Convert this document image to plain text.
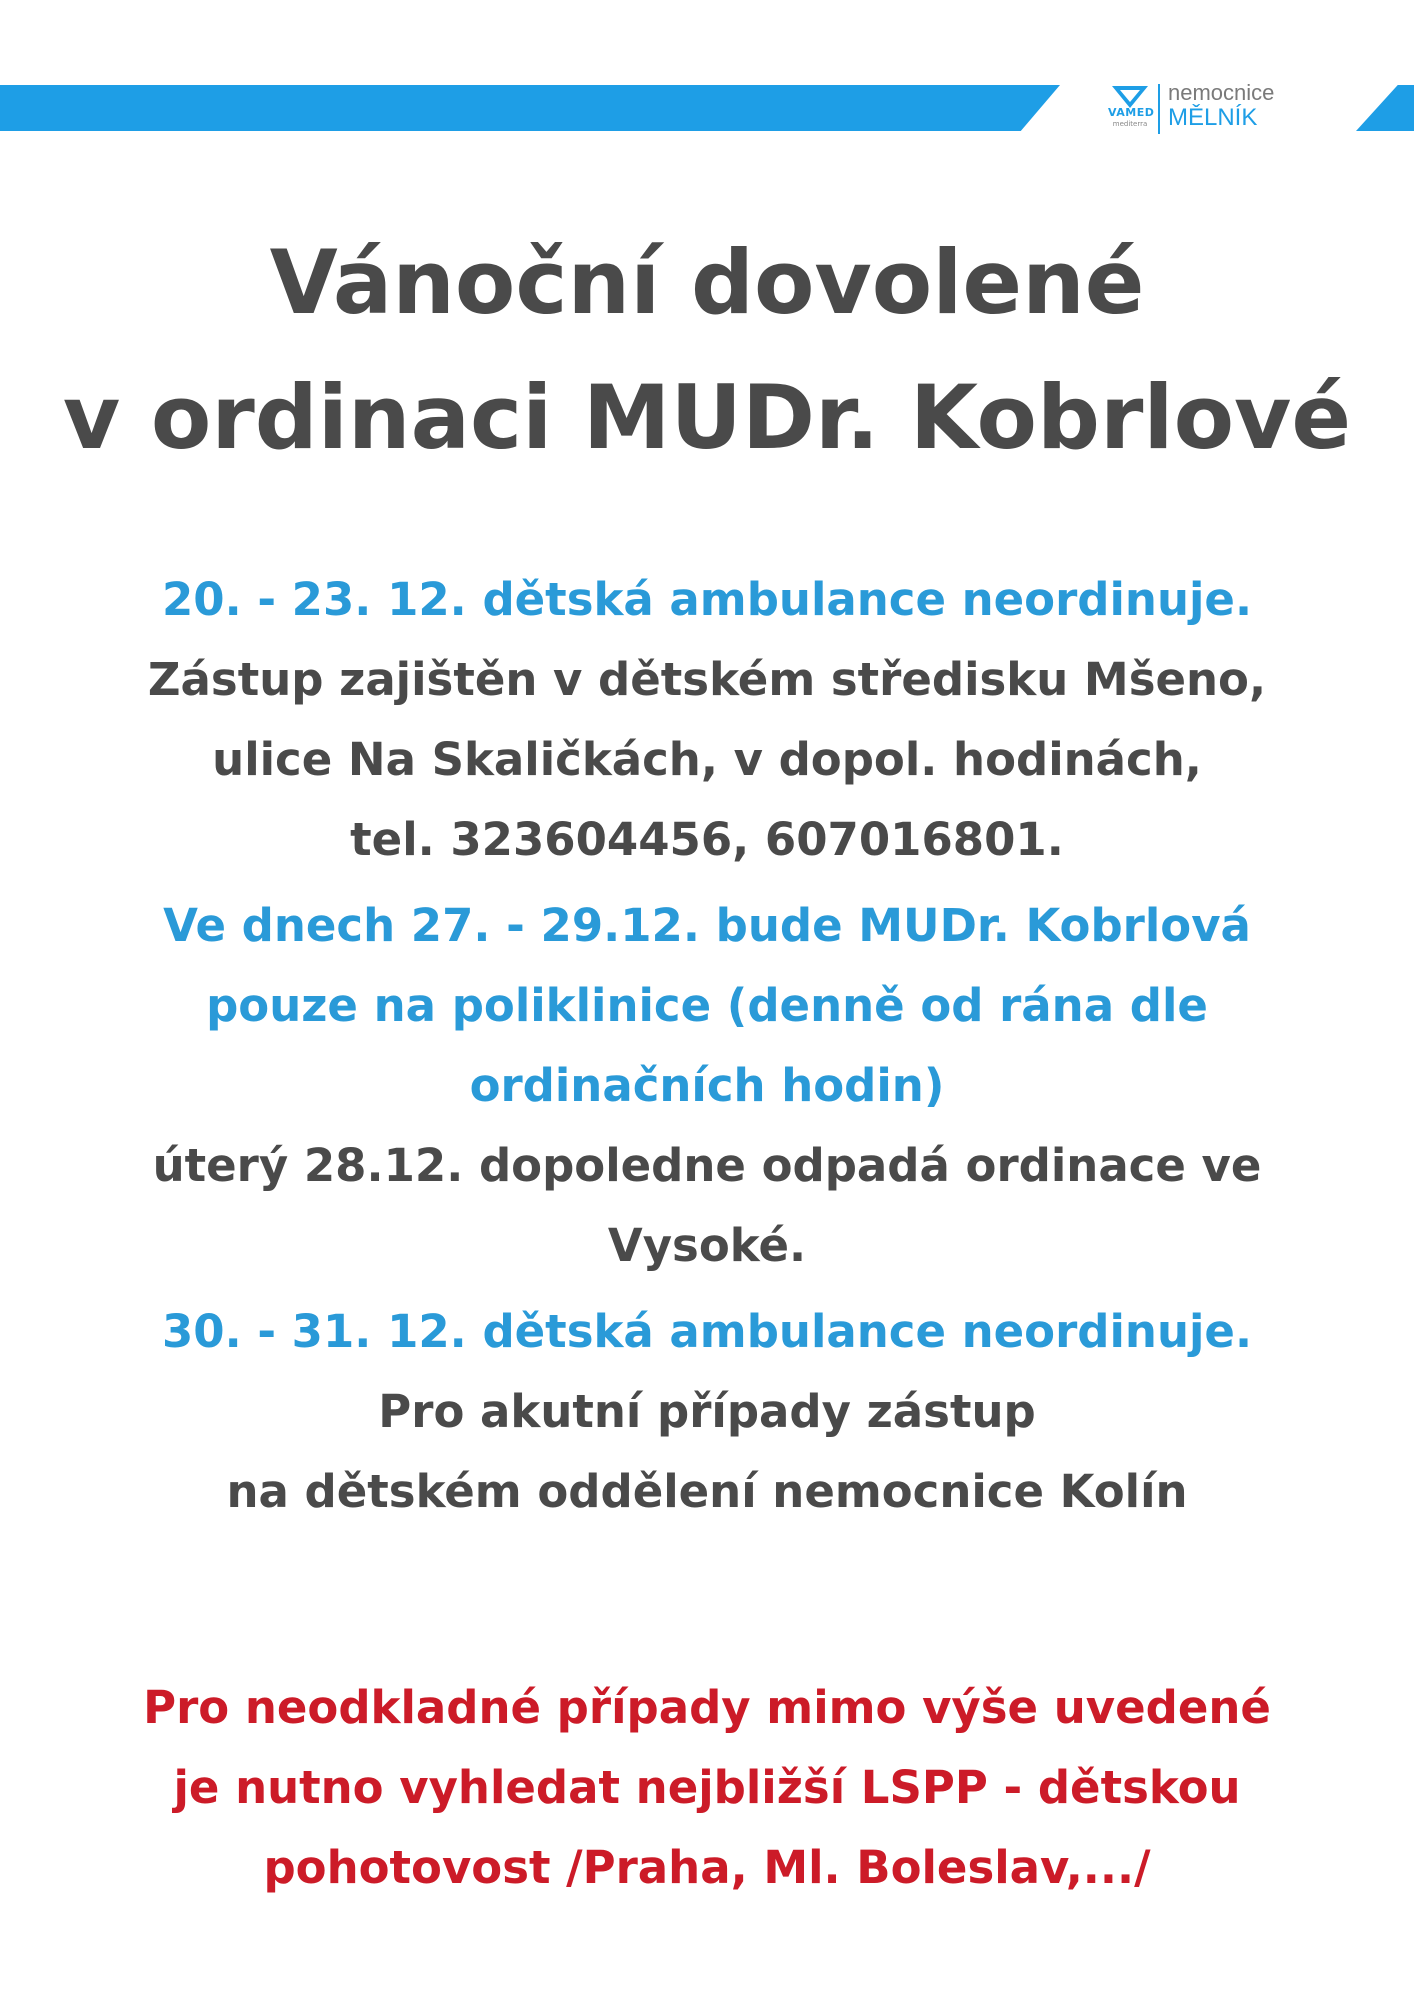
VAMED
mediterra
nemocnice
MĚLNÍK
Vánoční dovolené
v ordinaci MUDr. Kobrlové
20. - 23. 12. dětská ambulance neordinuje.
Zástup zajištěn v dětském středisku Mšeno,
ulice Na Skaličkách, v dopol. hodinách,
tel. 323604456, 607016801.
Ve dnech 27. - 29.12. bude MUDr. Kobrlová
pouze na poliklinice (denně od rána dle
ordinačních hodin)
úterý 28.12. dopoledne odpadá ordinace ve
Vysoké.
30. - 31. 12. dětská ambulance neordinuje.
Pro akutní případy zástup
na dětském oddělení nemocnice Kolín
Pro neodkladné případy mimo výše uvedené
je nutno vyhledat nejbližší LSPP - dětskou
pohotovost /Praha, Ml. Boleslav,.../
